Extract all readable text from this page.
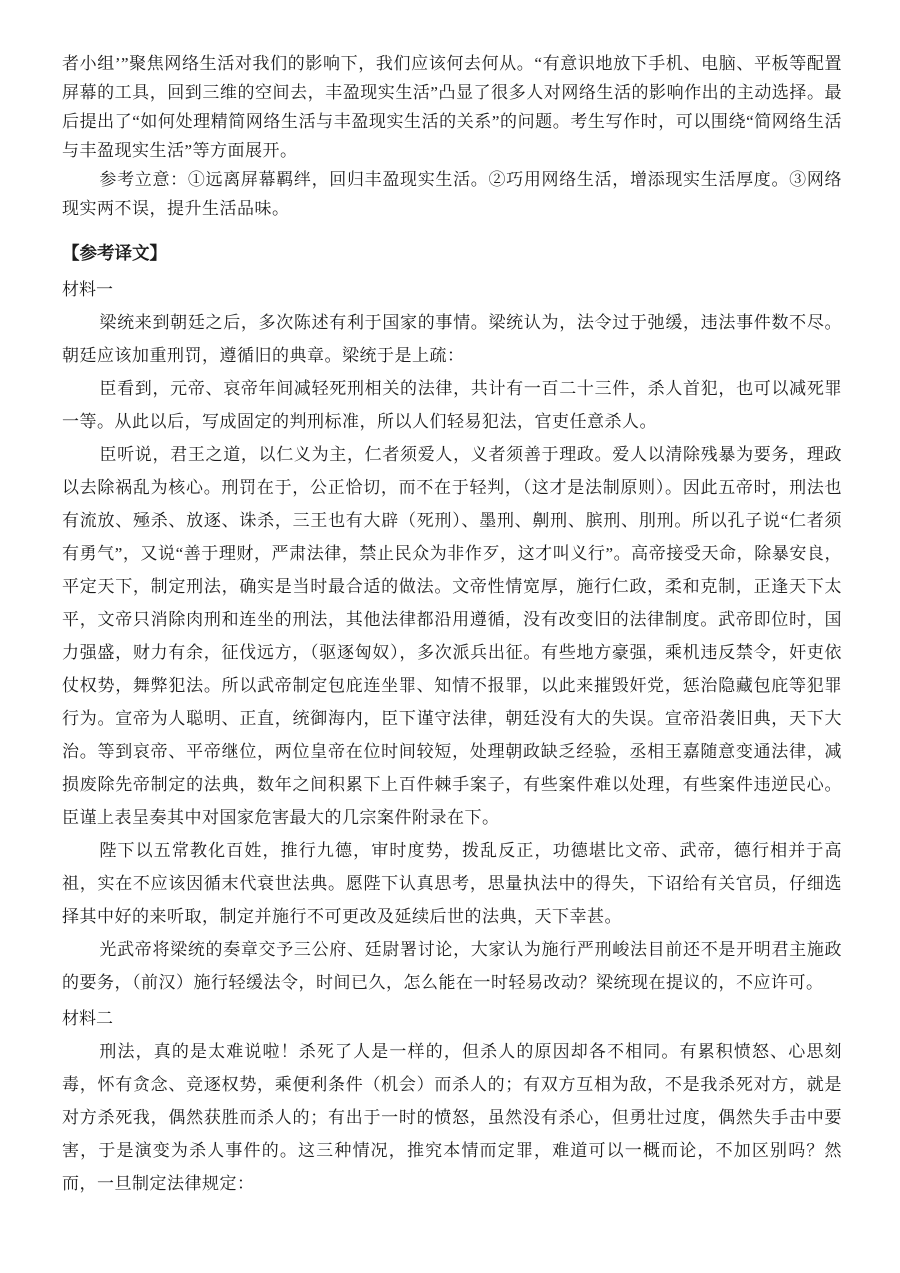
者小组’”聚焦网络生活对我们的影响下，我们应该何去何从。“有意识地放下手机、电脑、平板等配置屏幕的工具，回到三维的空间去，丰盈现实生活”凸显了很多人对网络生活的影响作出的主动选择。最后提出了“如何处理精简网络生活与丰盈现实生活的关系”的问题。考生写作时，可以围绕“简网络生活与丰盈现实生活”等方面展开。

参考立意：①远离屏幕羁绊，回归丰盈现实生活。②巧用网络生活，增添现实生活厚度。③网络现实两不误，提升生活品味。

【参考译文】
材料一

梁统来到朝廷之后，多次陈述有利于国家的事情。梁统认为，法令过于弛缓，违法事件数不尽。朝廷应该加重刑罚，遵循旧的典章。梁统于是上疏：

臣看到，元帝、哀帝年间减轻死刑相关的法律，共计有一百二十三件，杀人首犯，也可以减死罪一等。从此以后，写成固定的判刑标准，所以人们轻易犯法，官吏任意杀人。

臣听说，君王之道，以仁义为主，仁者须爱人，义者须善于理政。爱人以清除残暴为要务，理政以去除祸乱为核心。刑罚在于，公正恰切，而不在于轻判，（这才是法制原则）。因此五帝时，刑法也有流放、殛杀、放逐、诛杀，三王也有大辟（死刑）、墨刑、劓刑、膑刑、刖刑。所以孔子说“仁者须有勇气”，又说“善于理财，严肃法律，禁止民众为非作歹，这才叫义行”。高帝接受天命，除暴安良，平定天下，制定刑法，确实是当时最合适的做法。文帝性情宽厚，施行仁政，柔和克制，正逢天下太平，文帝只消除肉刑和连坐的刑法，其他法律都沿用遵循，没有改变旧的法律制度。武帝即位时，国力强盛，财力有余，征伐远方，（驱逐匈奴），多次派兵出征。有些地方豪强，乘机违反禁令，奸吏依仗权势，舞弊犯法。所以武帝制定包庇连坐罪、知情不报罪，以此来摧毁奸党，惩治隐藏包庇等犯罪行为。宣帝为人聪明、正直，统御海内，臣下谨守法律，朝廷没有大的失误。宣帝沿袭旧典，天下大治。等到哀帝、平帝继位，两位皇帝在位时间较短，处理朝政缺乏经验，丞相王嘉随意变通法律，减损废除先帝制定的法典，数年之间积累下上百件棘手案子，有些案件难以处理，有些案件违逆民心。臣谨上表呈奏其中对国家危害最大的几宗案件附录在下。

陛下以五常教化百姓，推行九德，审时度势，拨乱反正，功德堪比文帝、武帝，德行相并于高祖，实在不应该因循末代衰世法典。愿陛下认真思考，思量执法中的得失，下诏给有关官员，仔细选择其中好的来听取，制定并施行不可更改及延续后世的法典，天下幸甚。

光武帝将梁统的奏章交予三公府、廷尉署讨论，大家认为施行严刑峻法目前还不是开明君主施政的要务，（前汉）施行轻缓法令，时间已久，怎么能在一时轻易改动？梁统现在提议的，不应许可。

材料二

刑法，真的是太难说啦！杀死了人是一样的，但杀人的原因却各不相同。有累积愤怒、心思刻毒，怀有贪念、竞逐权势，乘便利条件（机会）而杀人的；有双方互相为敌，不是我杀死对方，就是对方杀死我，偶然获胜而杀人的；有出于一时的愤怒，虽然没有杀心，但勇壮过度，偶然失手击中要害，于是演变为杀人事件的。这三种情况，推究本情而定罪，难道可以一概而论，不加区别吗？然而，一旦制定法律规定：
